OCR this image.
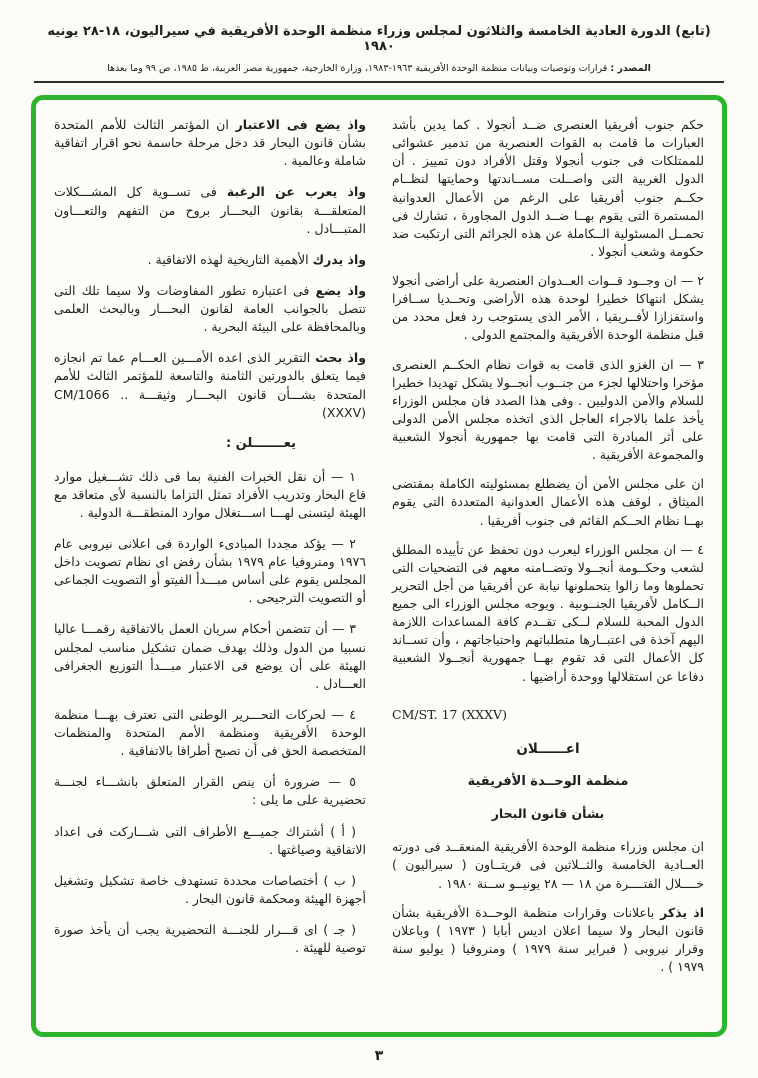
(تابع) الدورة العادية الخامسة والثلاثون لمجلس وزراء منظمة الوحدة الأفريقية في سيراليون، ١٨-٢٨ يونيه ١٩٨٠
المصدر : قرارات وتوصيات وبيانات منظمة الوحدة الأفريقية ١٩٦٣-١٩٨٣، وزارة الخارجية، جمهورية مصر العربية، ط ١٩٨٥، ص ٩٩ وما بعدها

حكم جنوب أفريقيا العنصرى ضــد أنجولا . كما يدين بأشد العبارات ما قامت به القوات العنصرية من تدمير عشوائى للممتلكات فى جنوب أنجولا وقتل الأفراد دون تمييز . أن الدول الغربية التى واصــلت مســاندتها وحمايتها لنظــام حكــم جنوب أفريقيا على الرغم من الأعمال العدوانية المستمرة التى يقوم بهــا ضــد الدول المجاورة ، تشارك فى تحمــل المسئولية الــكاملة عن هذه الجرائم التى ارتكبت ضد حكومة وشعب أنجولا .

٢ — ان وجــود قــوات العــدوان العنصرية على أراضى أنجولا يشكل انتهاكا خطيرا لوحدة هذه الأراضى وتحــديا ســافرا واستفزازا لأفــريقيا ، الأمر الذى يستوجب رد فعل محدد من قبل منظمة الوحدة الأفريقية والمجتمع الدولى .

٣ — ان الغزو الذى قامت به قوات نظام الحكــم العنصرى مؤخرا واحتلالها لجزء من جنــوب أنجــولا يشكل تهديدا خطيرا للسلام والأمن الدوليين . وفى هذا الصدد فان مجلس الوزراء يأخذ علما بالاجراء العاجل الذى اتخذه مجلس الأمن الدولى على أثر المبادرة التى قامت بها جمهورية أنجولا الشعبية والمجموعة الأفريقية .

ان على مجلس الأمن أن يضطلع بمسئوليته الكاملة بمقتضى الميثاق ، لوقف هذه الأعمال العدوانية المتعددة التى يقوم بهــا نظام الحــكم القائم فى جنوب أفريقيا .

٤ — ان مجلس الوزراء ليعرب دون تحفظ عن تأييده المطلق لشعب وحكــومة أنجــولا وتضــامنه معهم فى التضحيات التى تحملوها وما زالوا يتحملونها نيابة عن أفريقيا من أجل التحرير الــكامل لأفريقيا الجنــوبية . ويوجه مجلس الوزراء الى جميع الدول المحبة للسلام لــكى تقــدم كافة المساعدات اللازمة اليهم آخذة فى اعتبــارها متطلباتهم واحتياجاتهم ، وأن تســاند كل الأعمال التى قد تقوم بهــا جمهورية أنجــولا الشعبية دفاعا عن استقلالها ووحدة أراضيها .

CM/ST. 17 (XXXV)
اعــــــلان
منظمة الوحــدة الأفريقية
بشأن قانون البحار

ان مجلس وزراء منظمة الوحدة الأفريقية المنعقــد فى دورته العــادية الخامسة والثــلاثين فى فريتــاون ( سيراليون ) خــــلال الفتــــرة من ١٨ — ٢٨ يونيــو ســنة ١٩٨٠ .

اذ يذكر باعلانات وقرارات منظمة الوحــدة الأفريقية بشأن قانون البحار ولا سيما اعلان اديس أبابا ( ١٩٧٣ ) وباعلان وقرار نيروبى ( فبراير سنة ١٩٧٩ ) ومنروفيا ( يوليو سنة ١٩٧٩ ) .

واذ يضع فى الاعتبار ان المؤتمر الثالث للأمم المتحدة بشأن قانون البحار قد دخل مرحلة حاسمة نحو اقرار اتفاقية شاملة وعالمية .

واذ يعرب عن الرغبة فى تســوية كل المشـــكلات المتعلقـــة بقانون البحـــار بروح من التفهم والتعـــاون المتبـــادل .

واذ يدرك الأهمية التاريخية لهذه الاتفاقية .

واذ يضع فى اعتباره تطور المفاوضات ولا سيما تلك التى تتصل بالجوانب العامة لقانون البحـــار وبالبحث العلمى وبالمحافظة على البيئة البحرية .

واذ بحث التقرير الذى اعده الأمـــين العـــام عما تم انجازه فيما يتعلق بالدورتين الثامنة والتاسعة للمؤتمر الثالث للأمم المتحدة بشـــأن قانون البحـــار وثيقـــة .. CM/1066 (XXXV)

يعـــــــلن :

١ — أن نقل الخبرات الفنية بما فى ذلك تشـــغيل موارد قاع البحار وتدريب الأفراد تمثل التزاما بالنسبة لأى متعاقد مع الهيئة ليتسنى لهـــا اســـتغلال موارد المنطقـــة الدولية .

٢ — يؤكد مجددا المبادىء الواردة فى اعلانى نيروبى عام ١٩٧٦ ومنروفيا عام ١٩٧٩ بشأن رفض اى نظام تصويت داخل المجلس يقوم على أساس مبـــدأ الفيتو أو التصويت الجماعى أو التصويت الترجيحى .

٣ — أن تتضمن أحكام سريان العمل بالاتفاقية رقمـــا عاليا نسبيا من الدول وذلك بهدف ضمان تشكيل مناسب لمجلس الهيئة على أن يوضع فى الاعتبار مبـــدأ التوزيع الجغرافى العـــادل .

٤ — لحركات التحـــرير الوطنى التى تعترف بهـــا منظمة الوحدة الأفريقية ومنظمة الأمم المتحدة والمنظمات المتخصصة الحق فى أن تصبح أطرافا بالاتفاقية .

٥ — ضرورة أن ينص القرار المتعلق بانشـــاء لجنـــة تحضيرية على ما يلى :

( أ ) أشتراك جميـــع الأطراف التى شـــاركت فى اعداد الاتفاقية وصياغتها .

( ب ) أختصاصات محددة تستهدف خاصة تشكيل وتشغيل أجهزة الهيئة ومحكمة قانون البحار .

( جـ ) اى قـــرار للجنـــة التحضيرية يجب أن يأخذ صورة توصية للهيئة .

٣
